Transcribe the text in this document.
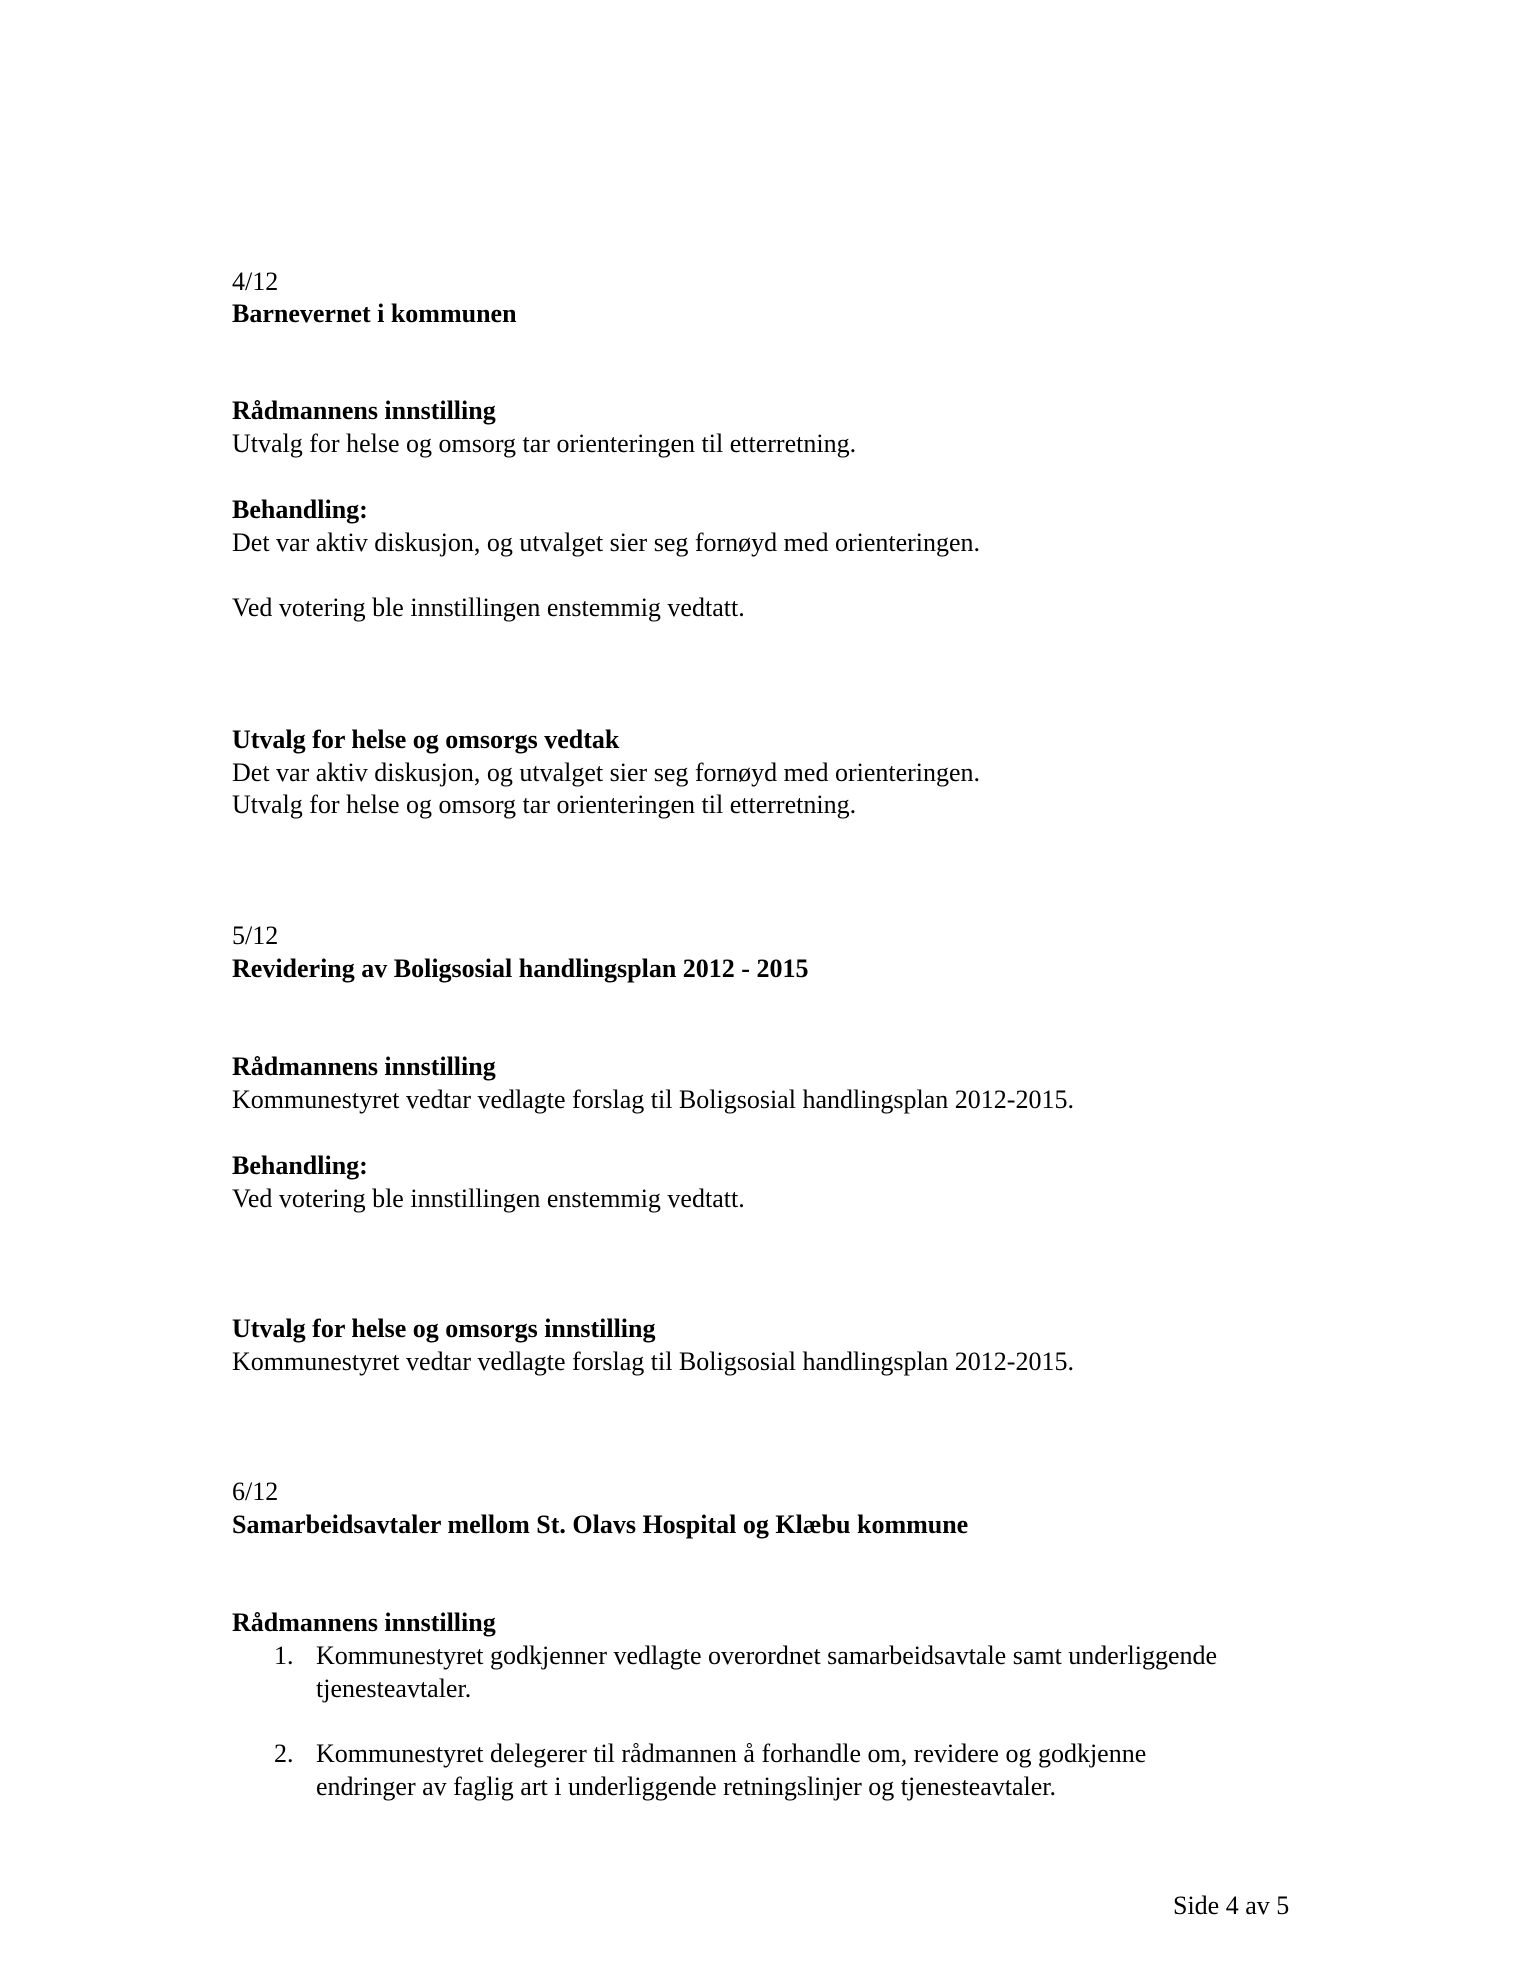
4/12

Barnevernet i kommunen

Rådmannens innstilling

Utvalg for helse og omsorg tar orienteringen til etterretning.

Behandling:

Det var aktiv diskusjon, og utvalget sier seg fornøyd med orienteringen.

Ved votering ble innstillingen enstemmig vedtatt.

Utvalg for helse og omsorgs vedtak

Det var aktiv diskusjon, og utvalget sier seg fornøyd med orienteringen.

Utvalg for helse og omsorg tar orienteringen til etterretning.

5/12

Revidering av Boligsosial handlingsplan 2012 - 2015

Rådmannens innstilling

Kommunestyret vedtar vedlagte forslag til Boligsosial handlingsplan 2012-2015.

Behandling:

Ved votering ble innstillingen enstemmig vedtatt.

Utvalg for helse og omsorgs innstilling

Kommunestyret vedtar vedlagte forslag til Boligsosial handlingsplan 2012-2015.

6/12

Samarbeidsavtaler mellom St. Olavs Hospital og Klæbu kommune

Rådmannens innstilling

1. Kommunestyret godkjenner vedlagte overordnet samarbeidsavtale samt underliggende
tjenesteavtaler.
2. Kommunestyret delegerer til rådmannen å forhandle om, revidere og godkjenne
endringer av faglig art i underliggende retningslinjer og tjenesteavtaler.

Side 4 av 5
